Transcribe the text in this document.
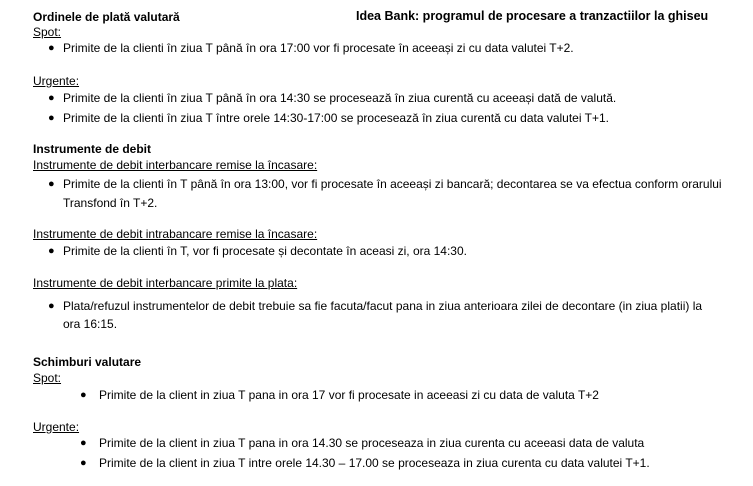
Idea Bank: programul de procesare a tranzactiilor la ghiseu
Ordinele de plată valutară
Spot:
● Primite de la clienti în ziua T până în ora 17:00 vor fi procesate în aceeași zi cu data valutei T+2.
Urgente:
● Primite de la clienti în ziua T până în ora 14:30 se procesează în ziua curentă cu aceeași dată de valută.
● Primite de la clienti în ziua T între orele 14:30-17:00 se procesează în ziua curentă cu data valutei T+1.
Instrumente de debit
Instrumente de debit interbancare remise la încasare:
● Primite de la clienti în T până în ora 13:00, vor fi procesate în aceeași zi bancară; decontarea se va efectua conform orarului
Transfond în T+2.
Instrumente de debit intrabancare remise la încasare:
● Primite de la clienti în T, vor fi procesate și decontate în aceasi zi, ora 14:30.
Instrumente de debit interbancare primite la plata:
● Plata/refuzul instrumentelor de debit trebuie sa fie facuta/facut pana in ziua anterioara zilei de decontare (in ziua platii) la
ora 16:15.
Schimburi valutare
Spot:
● Primite de la client in ziua T pana in ora 17 vor fi procesate in aceeasi zi cu data de valuta T+2
Urgente:
● Primite de la client in ziua T pana in ora 14.30 se proceseaza in ziua curenta cu aceeasi data de valuta
● Primite de la client in ziua T intre orele 14.30 – 17.00 se proceseaza in ziua curenta cu data valutei T+1.
